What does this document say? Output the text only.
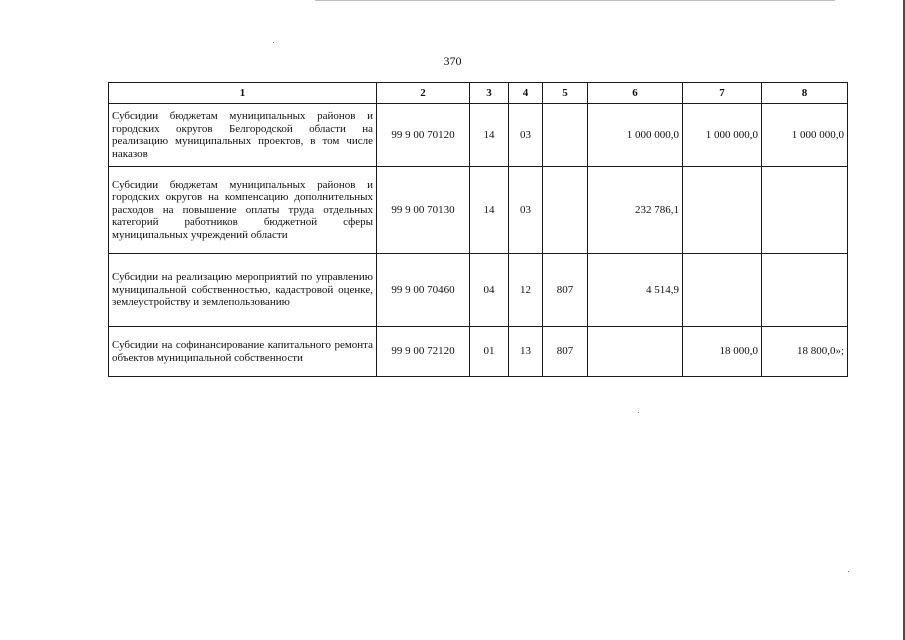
370
1	2	3	4	5	6	7	8
Субсидии бюджетам муниципальных районов и городских округов Белгородской области на реализацию муниципальных проектов, в том числе наказов	99 9 00 70120	14	03		1 000 000,0	1 000 000,0	1 000 000,0
Субсидии бюджетам муниципальных районов и городских округов на компенсацию дополнительных расходов на повышение оплаты труда отдельных категорий работников бюджетной сферы муниципальных учреждений области	99 9 00 70130	14	03		232 786,1		
Субсидии на реализацию мероприятий по управлению муниципальной собственностью, кадастровой оценке, землеустройству и землепользованию	99 9 00 70460	04	12	807	4 514,9		
Субсидии на софинансирование капитального ремонта объектов муниципальной собственности	99 9 00 72120	01	13	807		18 000,0	18 800,0»;
